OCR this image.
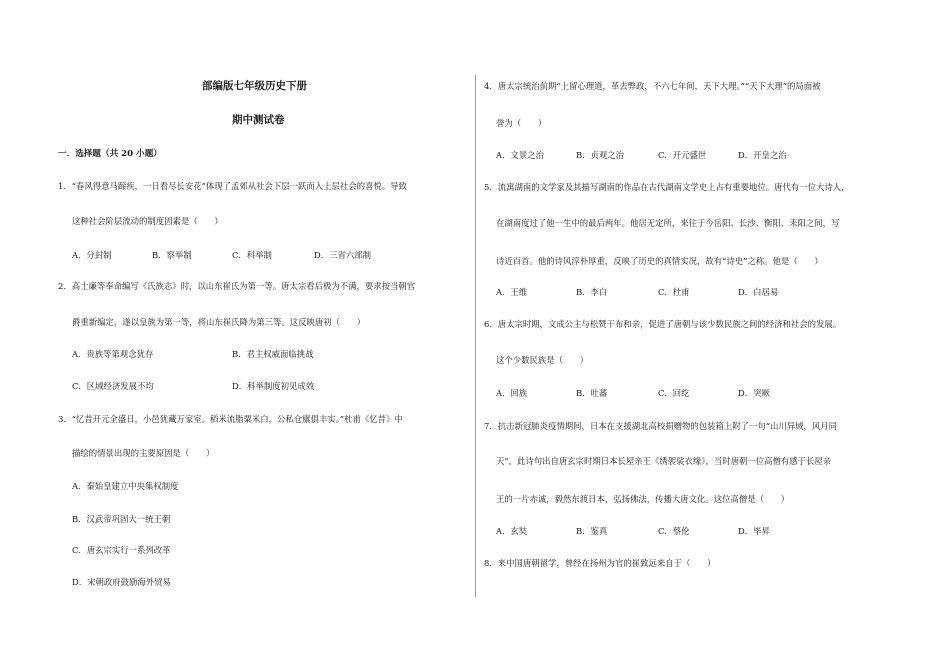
部编版七年级历史下册
期中测试卷
一．选择题（共 20 小题）
1．“春风得意马蹄疾，一日看尽长安花”体现了孟郊从社会下层一跃而入上层社会的喜悦。导致
这种社会阶层流动的制度因素是（　　）
A．分封制	B．察举制	C．科举制	D．三省六部制
2．高士廉等奉命编写《氏族志》时，以山东崔氏为第一等。唐太宗看后极为不满，要求按当朝官
爵重新编定，遂以皇族为第一等，将山东崔氏降为第三等。这反映唐初（　　）
A．贵族等第观念犹存	B．君主权威面临挑战
C．区域经济发展不均	D．科举制度初见成效
3．“忆昔开元全盛日，小邑犹藏万家室。稻米流脂粟米白，公私仓廪俱丰实。”杜甫《忆昔》中
描绘的情景出现的主要原因是（　　）
A．秦始皇建立中央集权制度
B．汉武帝巩固大一统王朝
C．唐玄宗实行一系列改革
D．宋朝政府鼓励海外贸易
4．唐太宗统治前期“上留心理道，革去弊政，不六七年间，天下大理。”“天下大理”的局面被
誉为（　　）
A．文景之治	B．贞观之治	C．开元盛世	D．开皇之治
5．流寓湖南的文学家及其描写湖南的作品在古代湖南文学史上占有重要地位。唐代有一位大诗人，
在湖南度过了他一生中的最后两年。他居无定所，来往于今岳阳、长沙、衡阳、耒阳之间，写
诗近百首。他的诗风淳朴厚重，反映了历史的真情实况，故有“诗史”之称。他是（　　）
A．王维	B．李白	C．杜甫	D．白居易
6．唐太宗时期，文成公主与松赞干布和亲，促进了唐朝与该少数民族之间的经济和社会的发展。
这个少数民族是（　　）
A．回族	B．吐蕃	C．回纥	D．突厥
7．抗击新冠肺炎疫情期间，日本在支援湖北高校捐赠物的包装箱上附了一句“山川异域，风月同
天”，此诗句出自唐玄宗时期日本长屋亲王《绣袈裟衣缘》，当时唐朝一位高僧有感于长屋亲
王的一片赤诚，毅然东渡日本，弘扬佛法，传播大唐文化。这位高僧是（　　）
A．玄奘	B．鉴真	C．蔡伦	D．毕昇
8．来中国唐朝留学，曾经在扬州为官的崔致远来自于（　　）
